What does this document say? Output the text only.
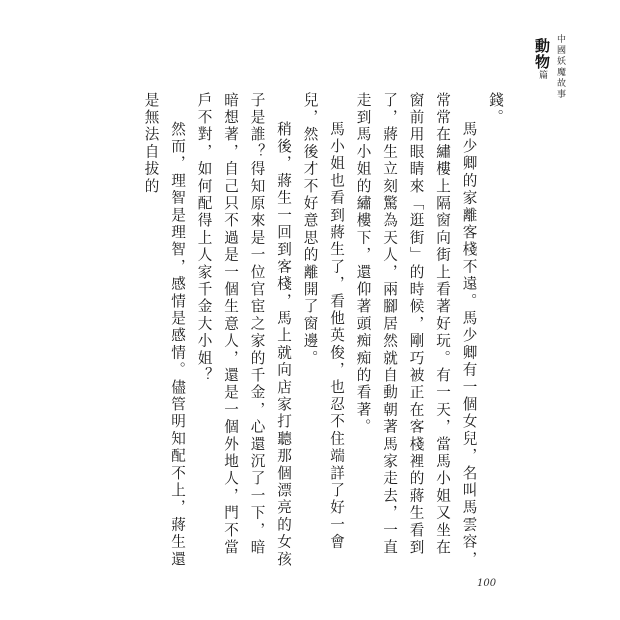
中國妖魔故事
動物篇

錢。

馬少卿的家離客棧不遠。馬少卿有一個女兒，名叫馬雲容，常常在繡樓上隔窗向街上看著好玩。有一天，當馬小姐又坐在窗前用眼睛來「逛街」的時候，剛巧被正在客棧裡的蔣生看到了，蔣生立刻驚為天人，兩腳居然就自動朝著馬家走去，一直走到馬小姐的繡樓下，還仰著頭痴痴的看著。

馬小姐也看到蔣生了，看他英俊，也忍不住端詳了好一會兒，然後才不好意思的離開了窗邊。

稍後，蔣生一回到客棧，馬上就向店家打聽那個漂亮的女孩子是誰？得知原來是一位官宦之家的千金，心還沉了一下，暗暗想著，自己只不過是一個生意人，還是一個外地人，門不當戶不對，如何配得上人家千金大小姐？

然而，理智是理智，感情是感情。儘管明知配不上，蔣生還是無法自拔的

100
